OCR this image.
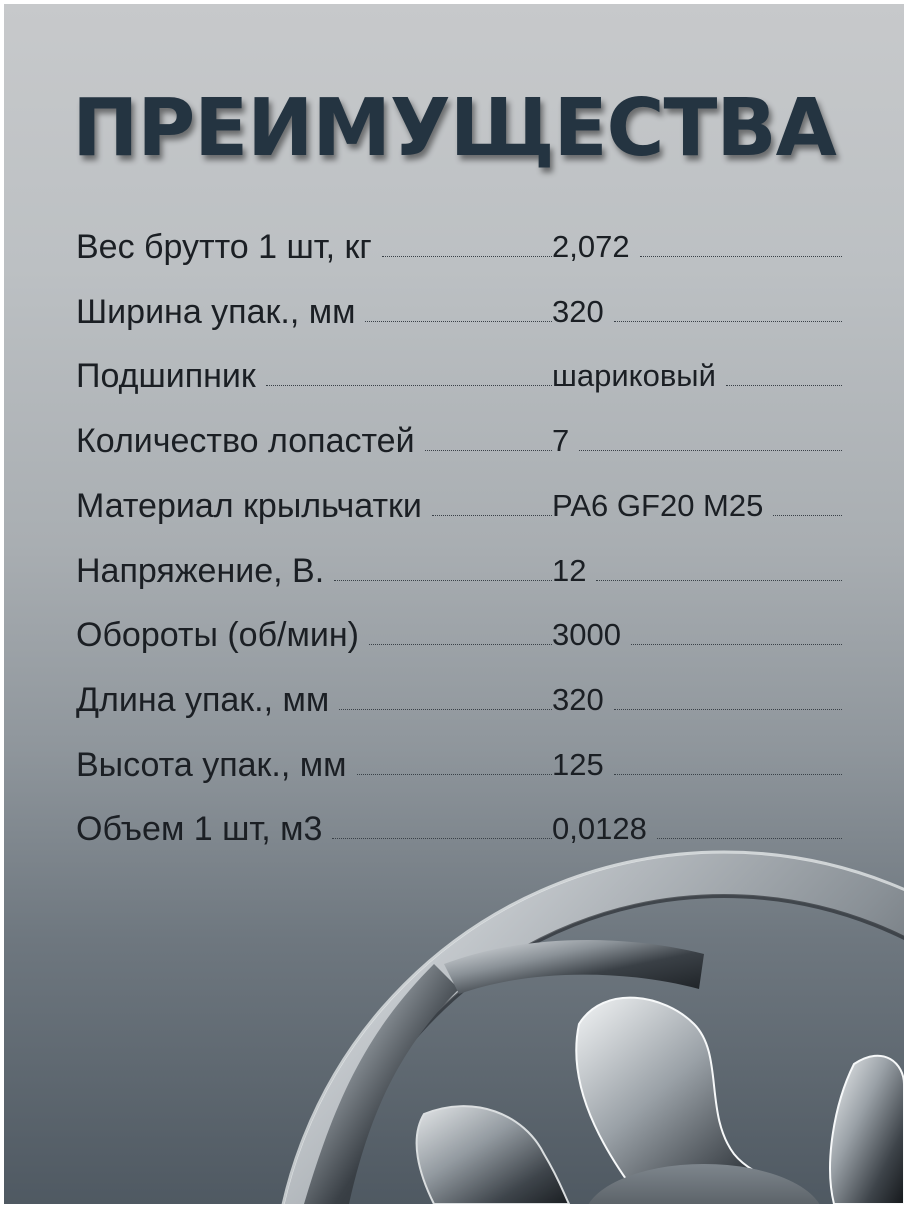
ПРЕИМУЩЕСТВА
Вес брутто 1 шт, кг	2,072
Ширина упак., мм	320
Подшипник	шариковый
Количество лопастей	7
Материал крыльчатки	PA6 GF20 M25
Напряжение, В.	12
Обороты (об/мин)	3000
Длина упак., мм	320
Высота упак., мм	125
Объем 1 шт, м3	0,0128
